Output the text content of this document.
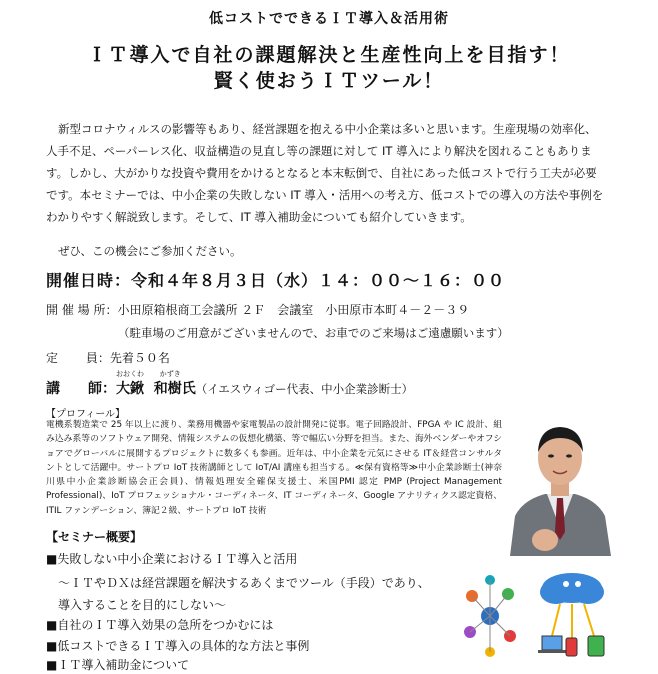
低コストでできるＩＴ導入＆活用術
ＩＴ導入で自社の課題解決と生産性向上を目指す！
賢く使おうＩＴツール！
新型コロナウィルスの影響等もあり、経営課題を抱える中小企業は多いと思います。生産現場の効率化、人手不足、ペーパーレス化、収益構造の見直し等の課題に対して IT 導入により解決を図れることもあります。しかし、大がかりな投資や費用をかけるとなると本末転倒で、自社にあった低コストで行う工夫が必要です。本セミナーでは、中小企業の失敗しない IT 導入・活用への考え方、低コストでの導入の方法や事例をわかりやすく解説致します。そして、IT 導入補助金についても紹介していきます。
ぜひ、この機会にご参加ください。
開催日時：令和４年８月３日（水）１４：００～１６：００
開 催 場 所：小田原箱根商工会議所 ２Ｆ　会議室　小田原市本町４－２－３９
（駐車場のご用意がございませんので、お車でのご来場はご遠慮願います）
定　　 員：先着５０名
講　　師：
おおくわ
大鍬
かずき
和樹氏（イエスウィゴー代表、中小企業診断士）
【プロフィール】
電機系製造業で 25 年以上に渡り、業務用機器や家電製品の設計開発に従事。電子回路設計、FPGA や IC 設計、組み込み系等のソフトウェア開発、情報システムの仮想化構築、等で幅広い分野を担当。また、海外ベンダーやオフショアでグローバルに展開するプロジェクトに数多くも参画。近年は、中小企業を元気にさせる IT＆経営コンサルタントとして活躍中。サートプロ IoT 技術講師として IoT/AI 講座も担当する。≪保有資格等≫中小企業診断士(神奈川県中小企業診断協会正会員)、情報処理安全確保支援士、米国PMI 認定 PMP (Project Management Professional)、IoT プロフェッショナル・コーディネータ、IT コーディネータ、Google アナリティクス認定資格、ITIL ファンデーション、簿記２級、サートプロ IoT 技術
【セミナー概要】
■失敗しない中小企業におけるＩＴ導入と活用
　～ＩＴやＤＸは経営課題を解決するあくまでツール（手段）であり、
　導入することを目的にしない～
■自社のＩＴ導入効果の急所をつかむには
■低コストできるＩＴ導入の具体的な方法と事例
■ＩＴ導入補助金について
